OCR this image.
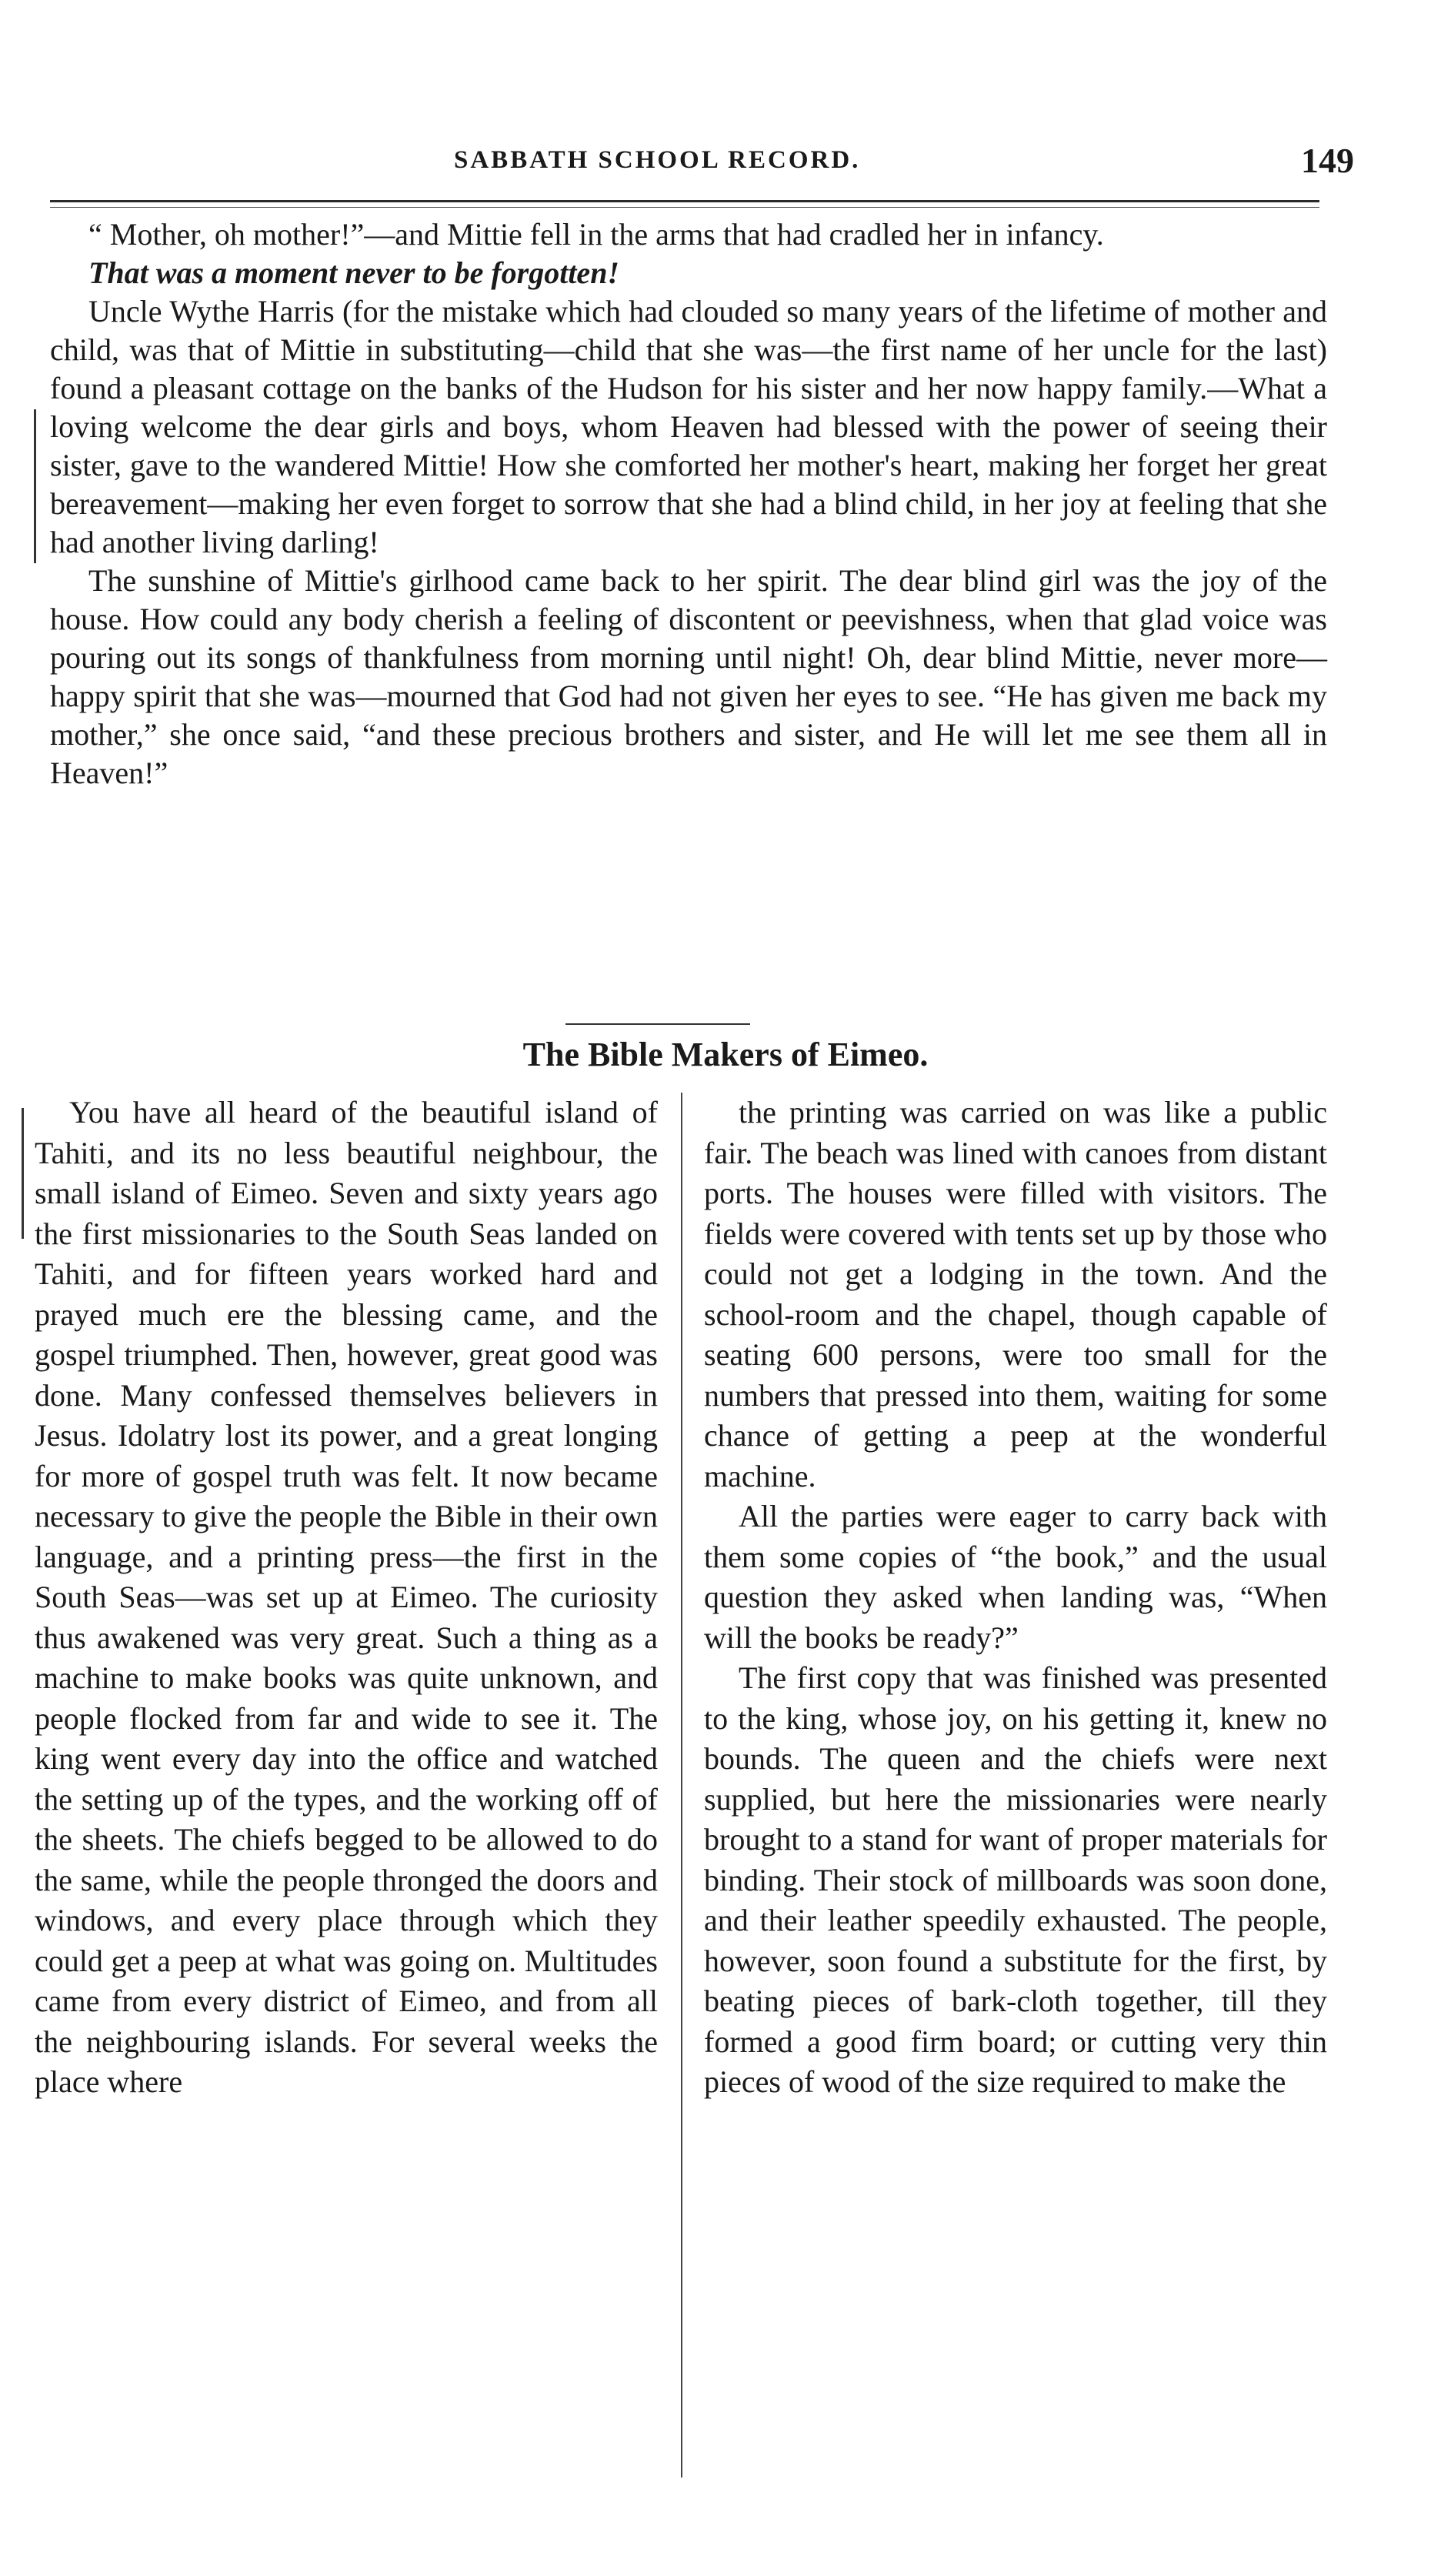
SABBATH SCHOOL RECORD.	149

“ Mother, oh mother!”—and Mittie fell in the arms that had cradled her in infancy.

That was a moment never to be forgotten!

Uncle Wythe Harris (for the mistake which had clouded so many years of the lifetime of mother and child, was that of Mittie in substituting—child that she was—the first name of her uncle for the last) found a pleasant cottage on the banks of the Hudson for his sister and her now happy family.—What a loving welcome the dear girls and boys, whom Heaven had blessed with the power of seeing their sister, gave to the wandered Mittie! How she comforted her mother's heart, making her forget her great bereavement—making her even forget to sorrow that she had a blind child, in her joy at feeling that she had another living darling!

The sunshine of Mittie's girlhood came back to her spirit. The dear blind girl was the joy of the house. How could any body cherish a feeling of discontent or peevishness, when that glad voice was pouring out its songs of thankfulness from morning until night! Oh, dear blind Mittie, never more—happy spirit that she was—mourned that God had not given her eyes to see. “He has given me back my mother,” she once said, “and these precious brothers and sister, and He will let me see them all in Heaven!”

The Bible Makers of Eimeo.

You have all heard of the beautiful island of Tahiti, and its no less beautiful neighbour, the small island of Eimeo. Seven and sixty years ago the first missionaries to the South Seas landed on Tahiti, and for fifteen years worked hard and prayed much ere the blessing came, and the gospel triumphed. Then, however, great good was done. Many confessed themselves believers in Jesus. Idolatry lost its power, and a great longing for more of gospel truth was felt. It now became necessary to give the people the Bible in their own language, and a printing press—the first in the South Seas—was set up at Eimeo. The curiosity thus awakened was very great. Such a thing as a machine to make books was quite unknown, and people flocked from far and wide to see it. The king went every day into the office and watched the setting up of the types, and the working off of the sheets. The chiefs begged to be allowed to do the same, while the people thronged the doors and windows, and every place through which they could get a peep at what was going on. Multitudes came from every district of Eimeo, and from all the neighbouring islands. For several weeks the place where

the printing was carried on was like a public fair. The beach was lined with canoes from distant ports. The houses were filled with visitors. The fields were covered with tents set up by those who could not get a lodging in the town. And the school-room and the chapel, though capable of seating 600 persons, were too small for the numbers that pressed into them, waiting for some chance of getting a peep at the wonderful machine.

All the parties were eager to carry back with them some copies of “the book,” and the usual question they asked when landing was, “When will the books be ready?”

The first copy that was finished was presented to the king, whose joy, on his getting it, knew no bounds. The queen and the chiefs were next supplied, but here the missionaries were nearly brought to a stand for want of proper materials for binding. Their stock of millboards was soon done, and their leather speedily exhausted. The people, however, soon found a substitute for the first, by beating pieces of bark-cloth together, till they formed a good firm board; or cutting very thin pieces of wood of the size required to make the
